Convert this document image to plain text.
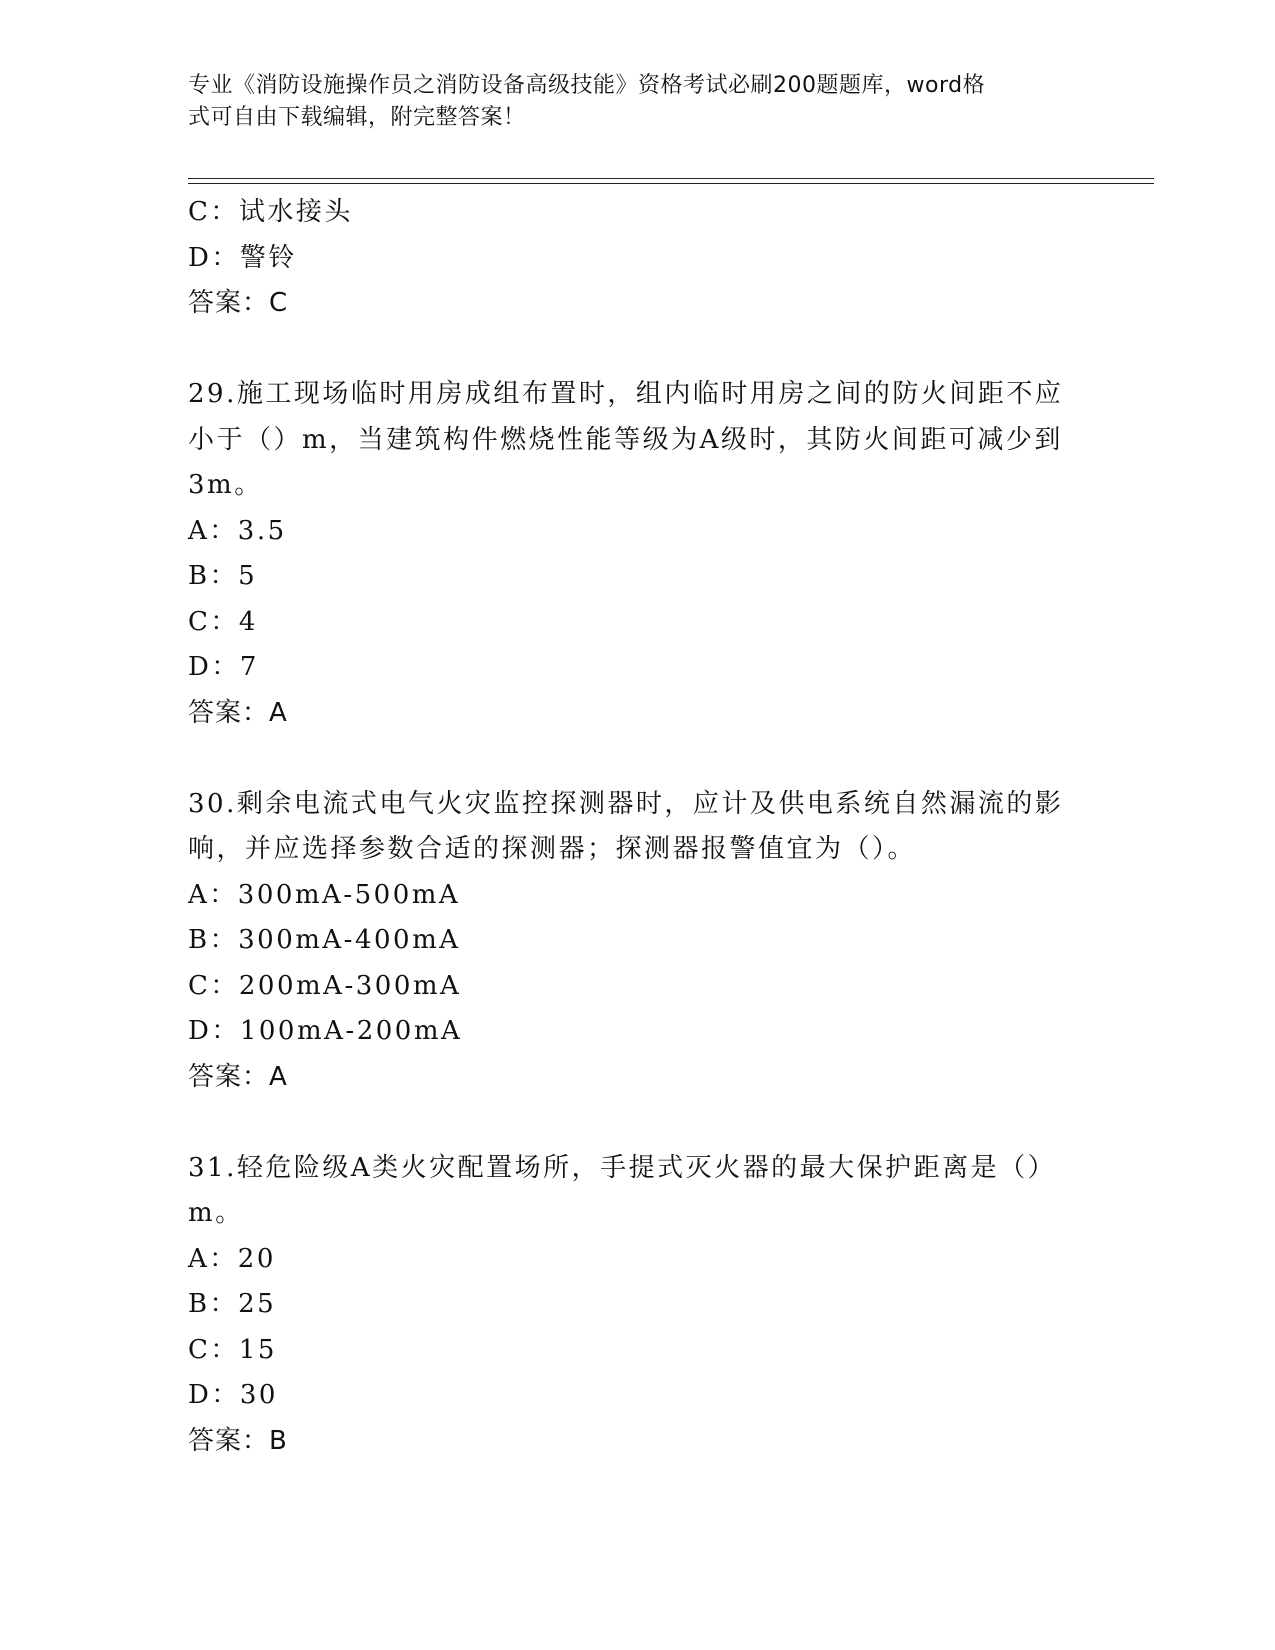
专业《消防设施操作员之消防设备高级技能》资格考试必刷200题题库，word格
式可自由下载编辑，附完整答案！
C：试水接头
D：警铃
答案：C
29.施工现场临时用房成组布置时，组内临时用房之间的防火间距不应
小于（）m，当建筑构件燃烧性能等级为A级时，其防火间距可减少到
3m。
A：3.5
B：5
C：4
D：7
答案：A
30.剩余电流式电气火灾监控探测器时，应计及供电系统自然漏流的影
响，并应选择参数合适的探测器；探测器报警值宜为（）。
A：300mA-500mA
B：300mA-400mA
C：200mA-300mA
D：100mA-200mA
答案：A
31.轻危险级A类火灾配置场所，手提式灭火器的最大保护距离是（）
m。
A：20
B：25
C：15
D：30
答案：B
